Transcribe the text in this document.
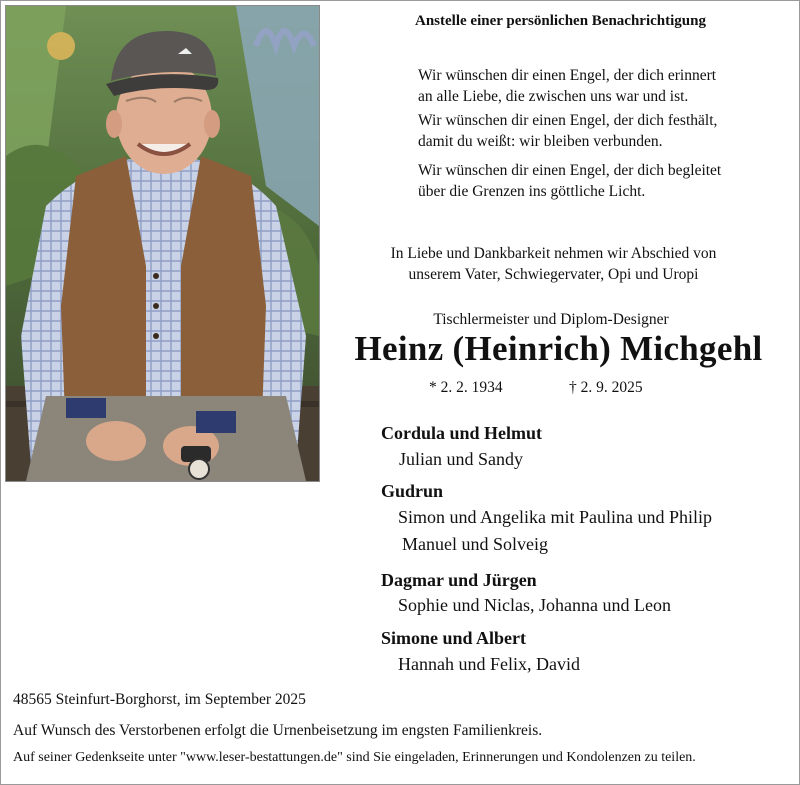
Anstelle einer persönlichen Benachrichtigung
Wir wünschen dir einen Engel, der dich erinnert
an alle Liebe, die zwischen uns war und ist.
Wir wünschen dir einen Engel, der dich festhält,
damit du weißt: wir bleiben verbunden.
Wir wünschen dir einen Engel, der dich begleitet
über die Grenzen ins göttliche Licht.
In Liebe und Dankbarkeit nehmen wir Abschied von
unserem Vater, Schwiegervater, Opi und Uropi
Tischlermeister und Diplom-Designer
Heinz (Heinrich) Michgehl
* 2. 2. 1934	† 2. 9. 2025
Cordula und Helmut
Julian und Sandy
Gudrun
Simon und Angelika mit Paulina und Philip
Manuel und Solveig
Dagmar und Jürgen
Sophie und Niclas, Johanna und Leon
Simone und Albert
Hannah und Felix, David
48565 Steinfurt-Borghorst, im September 2025
Auf Wunsch des Verstorbenen erfolgt die Urnenbeisetzung im engsten Familienkreis.
Auf seiner Gedenkseite unter "www.leser-bestattungen.de" sind Sie eingeladen, Erinnerungen und Kondolenzen zu teilen.
